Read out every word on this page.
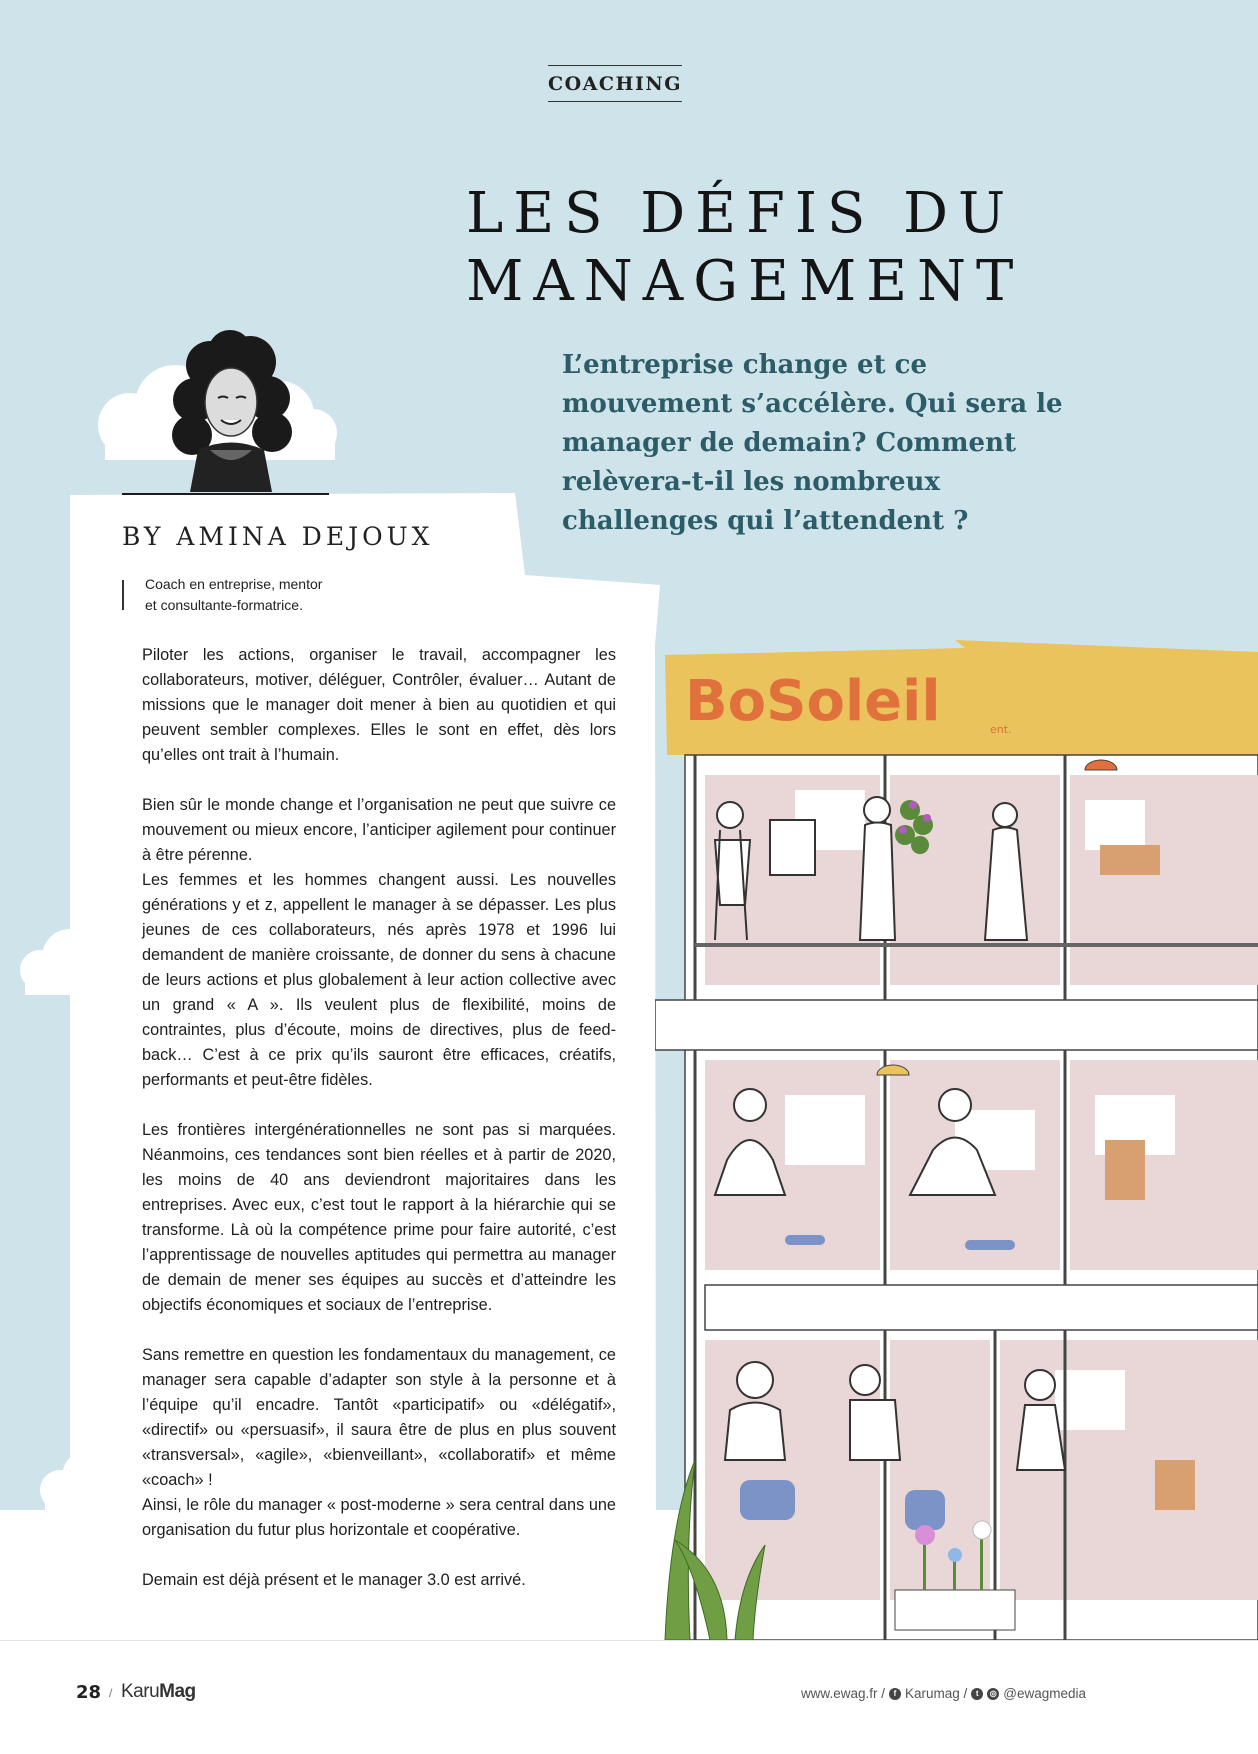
COACHING
LES DÉFIS DU
MANAGEMENT

L’entreprise change et ce mouvement s’accélère. Qui sera le manager de demain? Comment relèvera-t-il les nombreux challenges qui l’attendent ?

BY AMINA DEJOUX
Coach en entreprise, mentor
et consultante-formatrice.

Piloter les actions, organiser le travail, accompagner les collaborateurs, motiver, déléguer, Contrôler, évaluer… Autant de missions que le manager doit mener à bien au quotidien et qui peuvent sembler complexes. Elles le sont en effet, dès lors qu’elles ont trait à l’humain.

Bien sûr le monde change et l’organisation ne peut que suivre ce mouvement ou mieux encore, l’anticiper agilement pour continuer à être pérenne.

Les femmes et les hommes changent aussi. Les nouvelles générations y et z, appellent le manager à se dépasser. Les plus jeunes de ces collaborateurs, nés après 1978 et 1996 lui demandent de manière croissante, de donner du sens à chacune de leurs actions et plus globalement à leur action collective avec un grand « A ». Ils veulent plus de flexibilité, moins de contraintes, plus d’écoute, moins de directives, plus de feed-back… C’est à ce prix qu’ils sauront être efficaces, créatifs, performants et peut-être fidèles.

Les frontières intergénérationnelles ne sont pas si marquées. Néanmoins, ces tendances sont bien réelles et à partir de 2020, les moins de 40 ans deviendront majoritaires dans les entreprises. Avec eux, c’est tout le rapport à la hiérarchie qui se transforme. Là où la compétence prime pour faire autorité, c’est l’apprentissage de nouvelles aptitudes qui permettra au manager de demain de mener ses équipes au succès et d’atteindre les objectifs économiques et sociaux de l’entreprise.

Sans remettre en question les fondamentaux du management, ce manager sera capable d’adapter son style à la personne et à l’équipe qu’il encadre. Tantôt «participatif» ou «délégatif», «directif» ou «persuasif», il saura être de plus en plus souvent «transversal», «agile», «bienveillant», «collaboratif» et même «coach» !

Ainsi, le rôle du manager « post-moderne » sera central dans une organisation du futur plus horizontale et coopérative.

Demain est déjà présent et le manager 3.0 est arrivé.

BoSoleil	ent.
28 / KaruMag	www.ewag.fr /	f Karumag /	t	◎ @ewagmedia
